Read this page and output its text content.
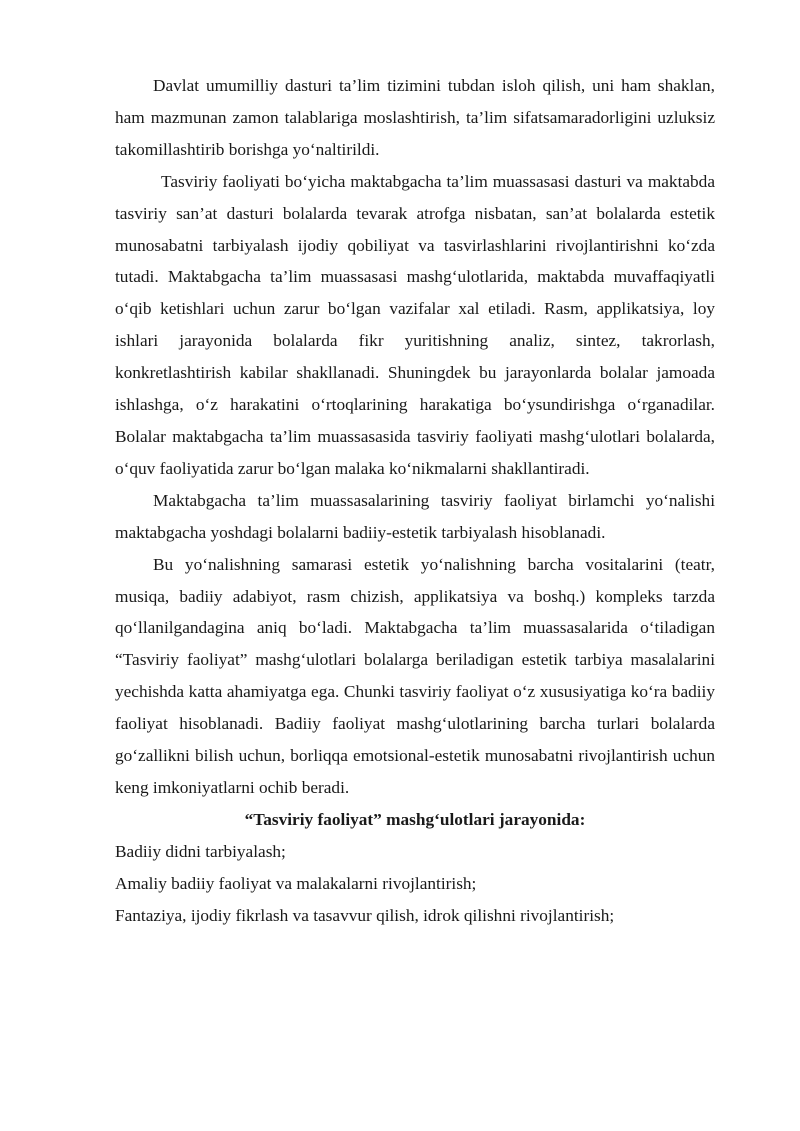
Davlat umumilliy dasturi ta’lim tizimini tubdan isloh qilish, uni ham shaklan, ham mazmunan zamon talablariga moslashtirish, ta’lim sifatsamaradorligini uzluksiz takomillashtirib borishga yo‘naltirildi.

Tasviriy faoliyati bo‘yicha maktabgacha ta’lim muassasasi dasturi va maktabda tasviriy san’at dasturi bolalarda tevarak atrofga nisbatan, san’at bolalarda estetik munosabatni tarbiyalash ijodiy qobiliyat va tasvirlashlarini rivojlantirishni ko‘zda tutadi. Maktabgacha ta’lim muassasasi mashg‘ulotlarida, maktabda muvaffaqiyatli o‘qib ketishlari uchun zarur bo‘lgan vazifalar xal etiladi. Rasm, applikatsiya, loy ishlari jarayonida bolalarda fikr yuritishning analiz, sintez, takrorlash, konkretlashtirish kabilar shakllanadi. Shuningdek bu jarayonlarda bolalar jamoada ishlashga, o‘z harakatini o‘rtoqlarining harakatiga bo‘ysundirishga o‘rganadilar. Bolalar maktabgacha ta’lim muassasasida tasviriy faoliyati mashg‘ulotlari bolalarda, o‘quv faoliyatida zarur bo‘lgan malaka ko‘nikmalarni shakllantiradi.

Maktabgacha ta’lim muassasalarining tasviriy faoliyat birlamchi yo‘nalishi maktabgacha yoshdagi bolalarni badiiy-estetik tarbiyalash hisoblanadi.

Bu yo‘nalishning samarasi estetik yo‘nalishning barcha vositalarini (teatr, musiqa, badiiy adabiyot, rasm chizish, applikatsiya va boshq.) kompleks tarzda qo‘llanilgandagina aniq bo‘ladi. Maktabgacha ta’lim muassasalarida o‘tiladigan “Tasviriy faoliyat” mashg‘ulotlari bolalarga beriladigan estetik tarbiya masalalarini yechishda katta ahamiyatga ega. Chunki tasviriy faoliyat o‘z xususiyatiga ko‘ra badiiy faoliyat hisoblanadi. Badiiy faoliyat mashg‘ulotlarining barcha turlari bolalarda go‘zallikni bilish uchun, borliqqa emotsional-estetik munosabatni rivojlantirish uchun keng imkoniyatlarni ochib beradi.

“Tasviriy faoliyat” mashg‘ulotlari jarayonida:

Badiiy didni tarbiyalash;

Amaliy badiiy faoliyat va malakalarni rivojlantirish;

Fantaziya, ijodiy fikrlash va tasavvur qilish, idrok qilishni rivojlantirish;
